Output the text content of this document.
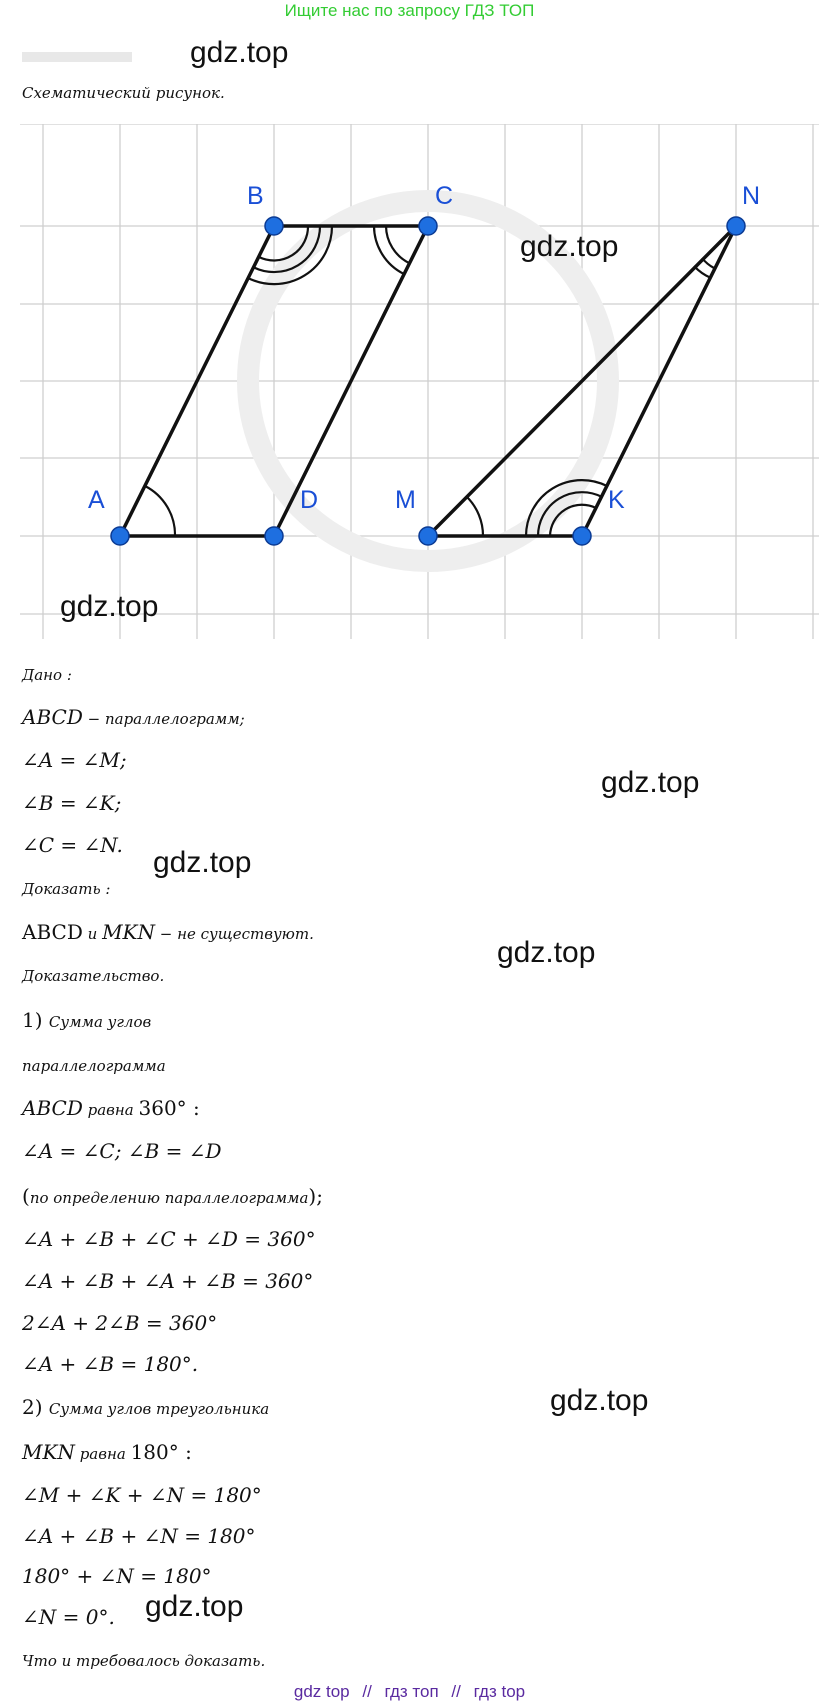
Ищите нас по запросу ГДЗ ТОП
gdz.top
Схематический рисунок.
A
B	C
D	M	K
N
gdz.top
gdz.top
Дано :
ABCD − параллелограмм;
∠A = ∠M;
∠B = ∠K;
∠C = ∠N.
gdz.top
gdz.top
Доказать :
ABCD и MKN − не существуют.
gdz.top
Доказательство.
1) Сумма углов
параллелограмма
ABCD равна 360° :
∠A = ∠C; ∠B = ∠D
(по определению параллелограмма);
∠A + ∠B + ∠C + ∠D = 360°
∠A + ∠B + ∠A + ∠B = 360°
2∠A + 2∠B = 360°
∠A + ∠B = 180°.
2) Сумма углов треугольника	gdz.top
MKN равна 180° :
∠M + ∠K + ∠N = 180°
∠A + ∠B + ∠N = 180°
180° + ∠N = 180°
∠N = 0°. gdz.top
Что и требовалось доказать.
gdz top // гдз топ // гдз top
